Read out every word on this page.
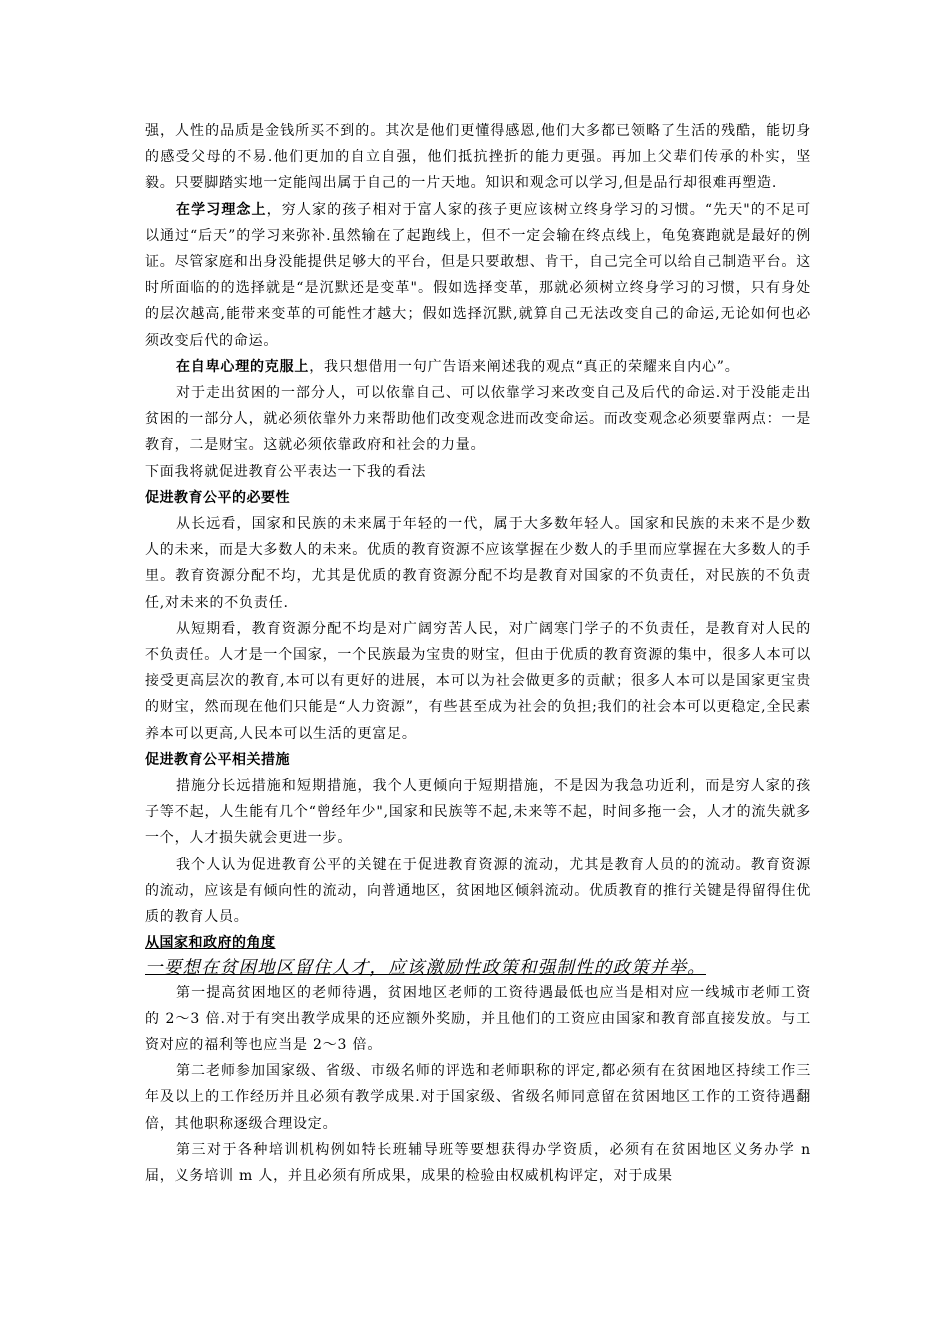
强，人性的品质是金钱所买不到的。其次是他们更懂得感恩,他们大多都已领略了生活的残酷，能切身的感受父母的不易.他们更加的自立自强，他们抵抗挫折的能力更强。再加上父辈们传承的朴实，坚毅。只要脚踏实地一定能闯出属于自己的一片天地。知识和观念可以学习,但是品行却很难再塑造.

在学习理念上，穷人家的孩子相对于富人家的孩子更应该树立终身学习的习惯。“先天"的不足可以通过“后天”的学习来弥补.虽然输在了起跑线上，但不一定会输在终点线上，龟兔赛跑就是最好的例证。尽管家庭和出身没能提供足够大的平台，但是只要敢想、肯干，自己完全可以给自己制造平台。这时所面临的的选择就是“是沉默还是变革"。假如选择变革，那就必须树立终身学习的习惯，只有身处的层次越高,能带来变革的可能性才越大；假如选择沉默,就算自己无法改变自己的命运,无论如何也必须改变后代的命运。

在自卑心理的克服上，我只想借用一句广告语来阐述我的观点“真正的荣耀来自内心”。

对于走出贫困的一部分人，可以依靠自己、可以依靠学习来改变自己及后代的命运.对于没能走出贫困的一部分人，就必须依靠外力来帮助他们改变观念进而改变命运。而改变观念必须要靠两点：一是教育，二是财宝。这就必须依靠政府和社会的力量。

下面我将就促进教育公平表达一下我的看法

促进教育公平的必要性

从长远看，国家和民族的未来属于年轻的一代，属于大多数年轻人。国家和民族的未来不是少数人的未来，而是大多数人的未来。优质的教育资源不应该掌握在少数人的手里而应掌握在大多数人的手里。教育资源分配不均，尤其是优质的教育资源分配不均是教育对国家的不负责任，对民族的不负责任,对未来的不负责任.

从短期看，教育资源分配不均是对广阔穷苦人民，对广阔寒门学子的不负责任，是教育对人民的不负责任。人才是一个国家，一个民族最为宝贵的财宝，但由于优质的教育资源的集中，很多人本可以接受更高层次的教育,本可以有更好的进展，本可以为社会做更多的贡献；很多人本可以是国家更宝贵的财宝，然而现在他们只能是“人力资源”，有些甚至成为社会的负担;我们的社会本可以更稳定,全民素养本可以更高,人民本可以生活的更富足。

促进教育公平相关措施

措施分长远措施和短期措施，我个人更倾向于短期措施，不是因为我急功近利，而是穷人家的孩子等不起，人生能有几个“曾经年少",国家和民族等不起,未来等不起，时间多拖一会，人才的流失就多一个，人才损失就会更进一步。

我个人认为促进教育公平的关键在于促进教育资源的流动，尤其是教育人员的的流动。教育资源的流动，应该是有倾向性的流动，向普通地区，贫困地区倾斜流动。优质教育的推行关键是得留得住优质的教育人员。

从国家和政府的角度

一要想在贫困地区留住人才，应该激励性政策和强制性的政策并举。

第一提高贫困地区的老师待遇，贫困地区老师的工资待遇最低也应当是相对应一线城市老师工资的 2～3 倍.对于有突出教学成果的还应额外奖励，并且他们的工资应由国家和教育部直接发放。与工资对应的福利等也应当是 2～3 倍。

第二老师参加国家级、省级、市级名师的评选和老师职称的评定,都必须有在贫困地区持续工作三年及以上的工作经历并且必须有教学成果.对于国家级、省级名师同意留在贫困地区工作的工资待遇翻倍，其他职称逐级合理设定。

第三对于各种培训机构例如特长班辅导班等要想获得办学资质，必须有在贫困地区义务办学 n 届，义务培训 m 人，并且必须有所成果，成果的检验由权威机构评定，对于成果
